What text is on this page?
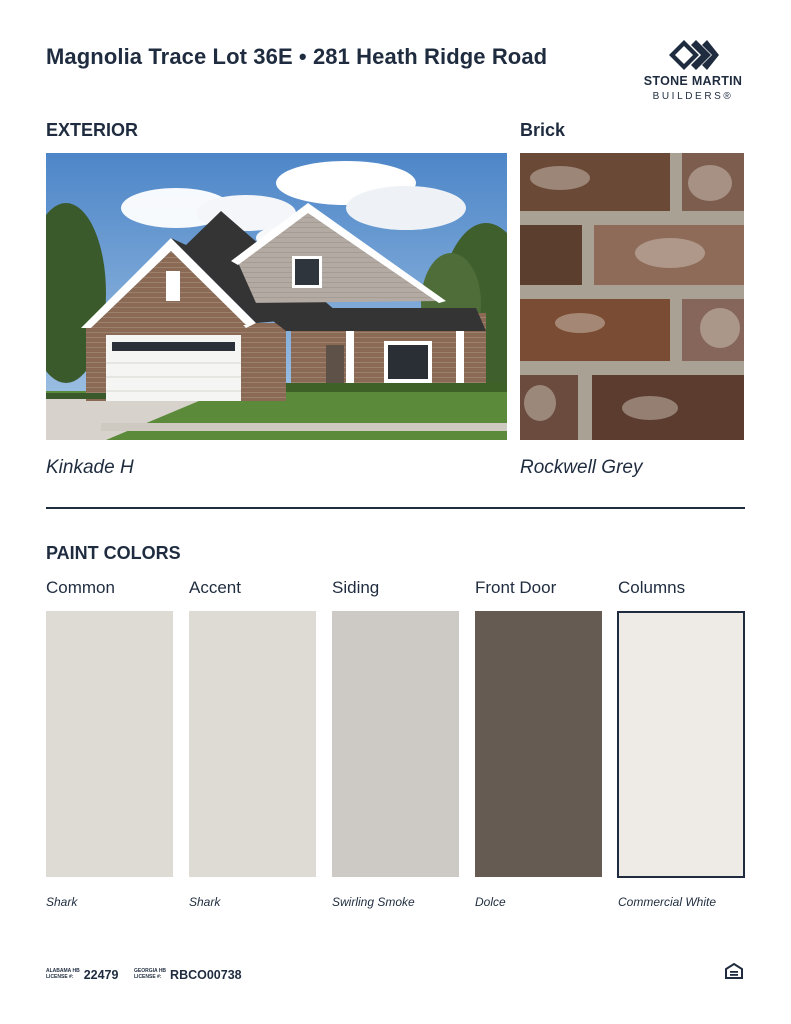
Magnolia Trace Lot 36E • 281 Heath Ridge Road
STONE MARTIN
BUILDERS®
EXTERIOR
Kinkade H
Brick
Rockwell Grey
PAINT COLORS
Common	Accent	Siding	Front Door	Columns
Shark	Shark	Swirling Smoke	Dolce	Commercial White
ALABAMA HB
LICENSE #: 22479	GEORGIA HB
LICENSE #: RBCO00738
